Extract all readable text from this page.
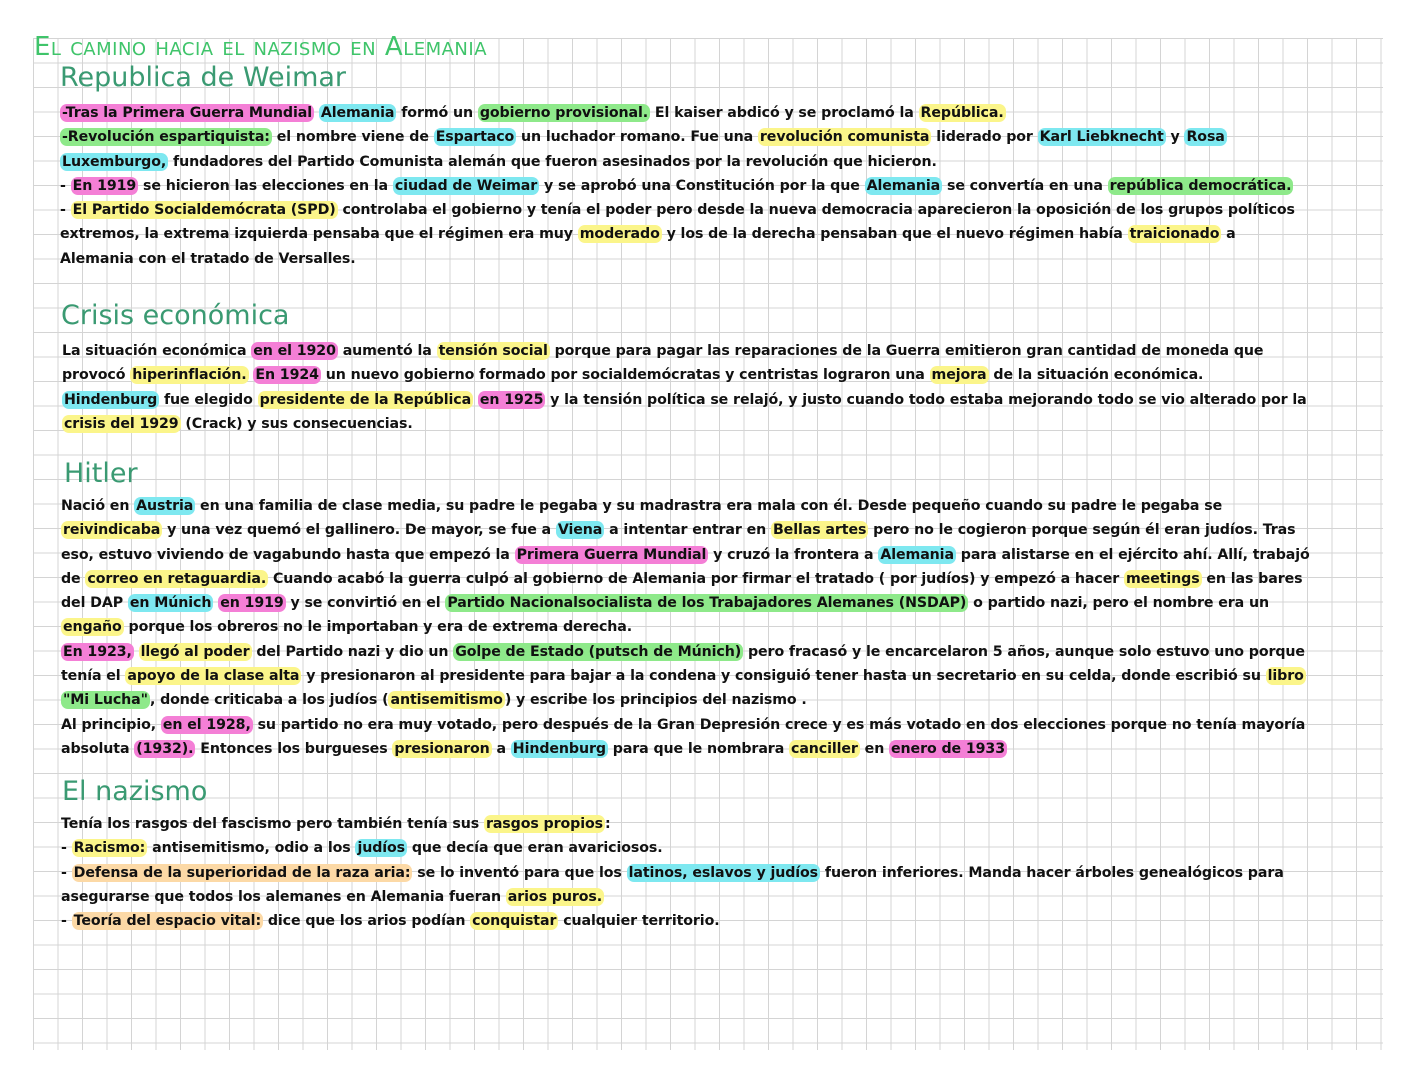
El camino hacia el nazismo en Alemania
Republica de Weimar
-Tras la Primera Guerra Mundial Alemania formó un gobierno provisional. El kaiser abdicó y se proclamó la República.
-Revolución espartiquista: el nombre viene de Espartaco un luchador romano. Fue una revolución comunista liderado por Karl Liebknecht y Rosa
Luxemburgo, fundadores del Partido Comunista alemán que fueron asesinados por la revolución que hicieron.
- En 1919 se hicieron las elecciones en la ciudad de Weimar y se aprobó una Constitución por la que Alemania se convertía en una república democrática.
- El Partido Socialdemócrata (SPD) controlaba el gobierno y tenía el poder pero desde la nueva democracia aparecieron la oposición de los grupos políticos
extremos, la extrema izquierda pensaba que el régimen era muy moderado y los de la derecha pensaban que el nuevo régimen había traicionado a
Alemania con el tratado de Versalles.
Crisis económica
La situación económica en el 1920 aumentó la tensión social porque para pagar las reparaciones de la Guerra emitieron gran cantidad de moneda que
provocó hiperinflación. En 1924 un nuevo gobierno formado por socialdemócratas y centristas lograron una mejora de la situación económica.
Hindenburg fue elegido presidente de la República en 1925 y la tensión política se relajó, y justo cuando todo estaba mejorando todo se vio alterado por la
crisis del 1929 (Crack) y sus consecuencias.
Hitler
Nació en Austria en una familia de clase media, su padre le pegaba y su madrastra era mala con él. Desde pequeño cuando su padre le pegaba se
reivindicaba y una vez quemó el gallinero. De mayor, se fue a Viena a intentar entrar en Bellas artes pero no le cogieron porque según él eran judíos. Tras
eso, estuvo viviendo de vagabundo hasta que empezó la Primera Guerra Mundial y cruzó la frontera a Alemania para alistarse en el ejército ahí. Allí, trabajó
de correo en retaguardia. Cuando acabó la guerra culpó al gobierno de Alemania por firmar el tratado ( por judíos) y empezó a hacer meetings en las bares
del DAP en Múnich en 1919 y se convirtió en el Partido Nacionalsocialista de los Trabajadores Alemanes (NSDAP) o partido nazi, pero el nombre era un
engaño porque los obreros no le importaban y era de extrema derecha.
En 1923, llegó al poder del Partido nazi y dio un Golpe de Estado (putsch de Múnich) pero fracasó y le encarcelaron 5 años, aunque solo estuvo uno porque
tenía el apoyo de la clase alta y presionaron al presidente para bajar a la condena y consiguió tener hasta un secretario en su celda, donde escribió su libro
"Mi Lucha" , donde criticaba a los judíos ( antisemitismo ) y escribe los principios del nazismo .
Al principio, en el 1928, su partido no era muy votado, pero después de la Gran Depresión crece y es más votado en dos elecciones porque no tenía mayoría
absoluta (1932). Entonces los burgueses presionaron a Hindenburg para que le nombrara canciller en enero de 1933
El nazismo
Tenía los rasgos del fascismo pero también tenía sus rasgos propios :
- Racismo: antisemitismo, odio a los judíos que decía que eran avariciosos.
- Defensa de la superioridad de la raza aria: se lo inventó para que los latinos, eslavos y judíos fueron inferiores. Manda hacer árboles genealógicos para
asegurarse que todos los alemanes en Alemania fueran arios puros.
- Teoría del espacio vital: dice que los arios podían conquistar cualquier territorio.
